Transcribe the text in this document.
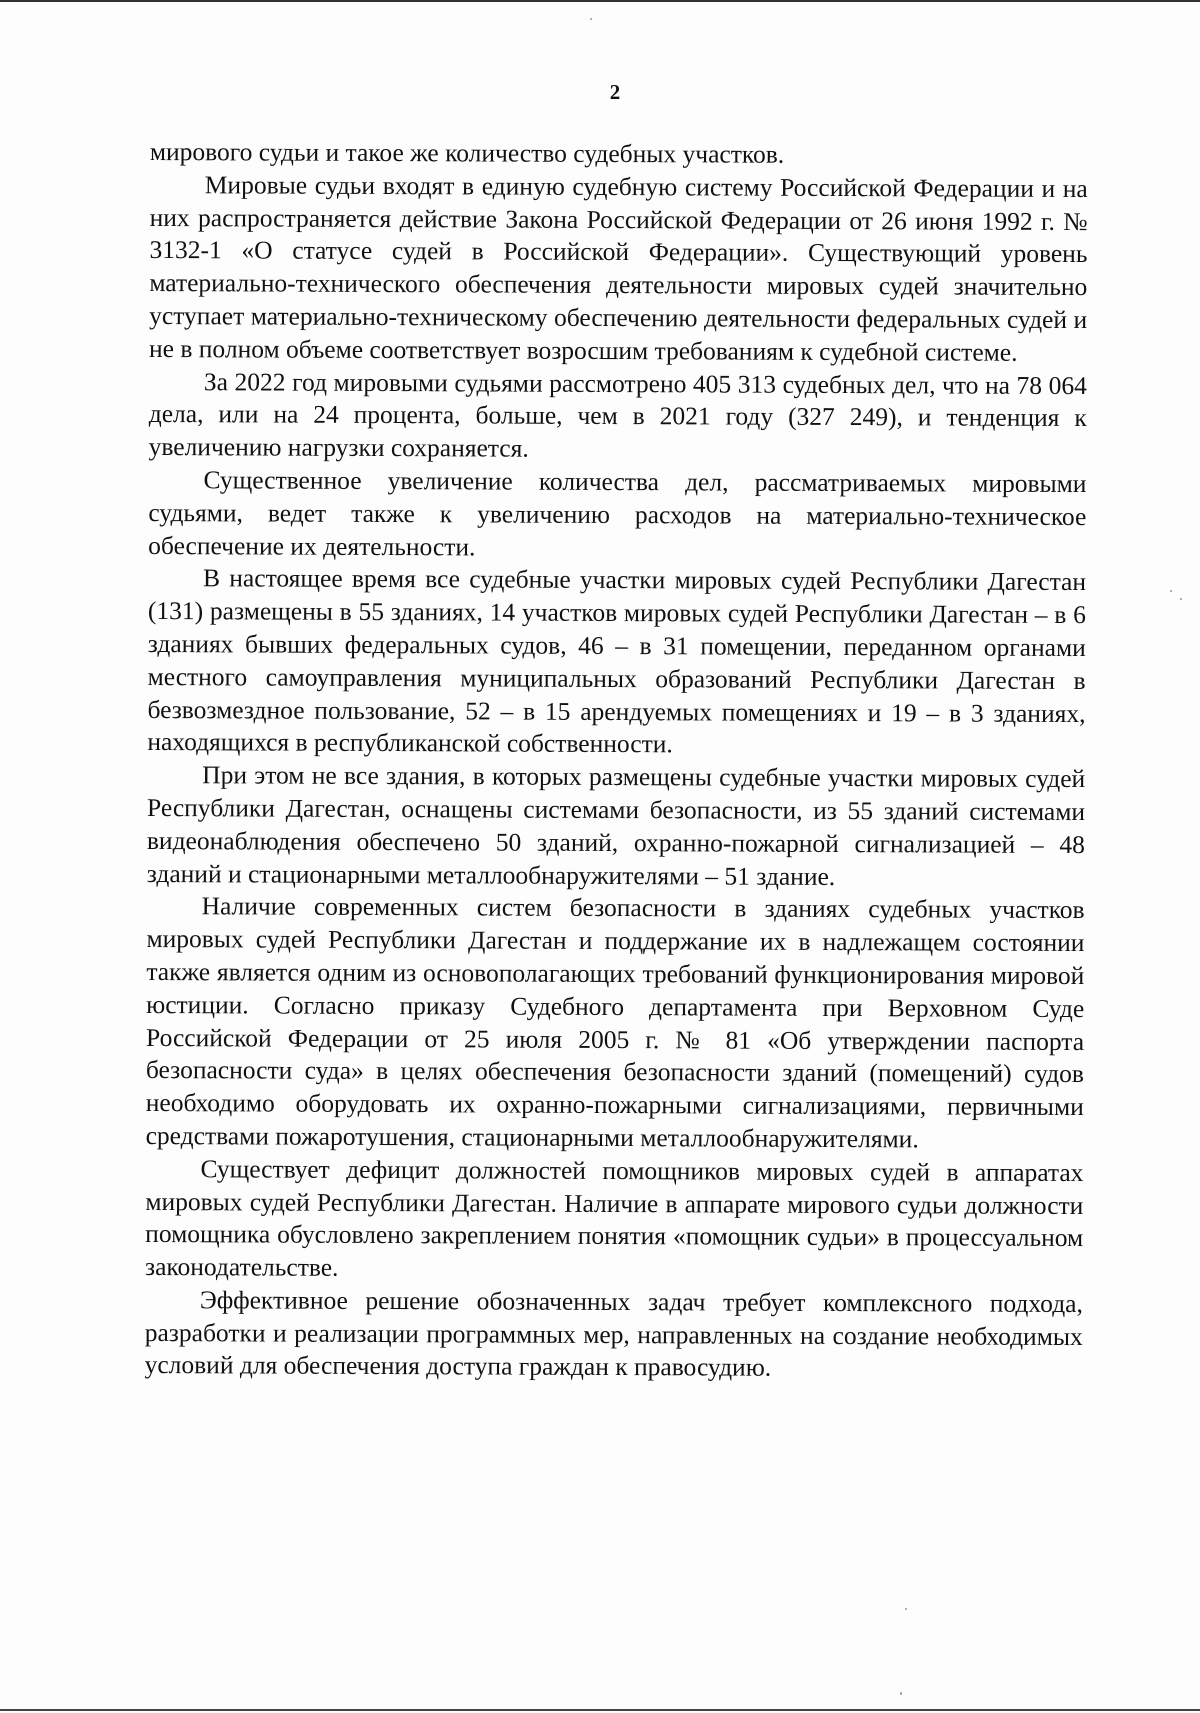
2

мирового судьи и такое же количество судебных участков.

Мировые судьи входят в единую судебную систему Российской Федерации и на них распространяется действие Закона Российской Федерации от 26 июня 1992 г. № 3132-1 «О статусе судей в Российской Федерации». Существующий уровень материально-технического обеспечения деятельности мировых судей значительно уступает материально-техническому обеспечению деятельности федеральных судей и не в полном объеме соответствует возросшим требованиям к судебной системе.

За 2022 год мировыми судьями рассмотрено 405 313 судебных дел, что на 78 064 дела, или на 24 процента, больше, чем в 2021 году (327 249), и тенденция к увеличению нагрузки сохраняется.

Существенное увеличение количества дел, рассматриваемых мировыми судьями, ведет также к увеличению расходов на материально-техническое обеспечение их деятельности.

В настоящее время все судебные участки мировых судей Республики Дагестан (131) размещены в 55 зданиях, 14 участков мировых судей Республики Дагестан – в 6 зданиях бывших федеральных судов, 46 – в 31 помещении, переданном органами местного самоуправления муниципальных образований Республики Дагестан в безвозмездное пользование, 52 – в 15 арендуемых помещениях и 19 – в 3 зданиях, находящихся в республиканской собственности.

При этом не все здания, в которых размещены судебные участки мировых судей Республики Дагестан, оснащены системами безопасности, из 55 зданий системами видеонаблюдения обеспечено 50 зданий, охранно-пожарной сигнализацией – 48 зданий и стационарными металлообнаружителями – 51 здание.

Наличие современных систем безопасности в зданиях судебных участков мировых судей Республики Дагестан и поддержание их в надлежащем состоянии также является одним из основополагающих требований функционирования мировой юстиции. Согласно приказу Судебного департамента при Верховном Суде Российской Федерации от 25 июля 2005 г. № 81 «Об утверждении паспорта безопасности суда» в целях обеспечения безопасности зданий (помещений) судов необходимо оборудовать их охранно-пожарными сигнализациями, первичными средствами пожаротушения, стационарными металлообнаружителями.

Существует дефицит должностей помощников мировых судей в аппаратах мировых судей Республики Дагестан. Наличие в аппарате мирового судьи должности помощника обусловлено закреплением понятия «помощник судьи» в процессуальном законодательстве.

Эффективное решение обозначенных задач требует комплексного подхода, разработки и реализации программных мер, направленных на создание необходимых условий для обеспечения доступа граждан к правосудию.
